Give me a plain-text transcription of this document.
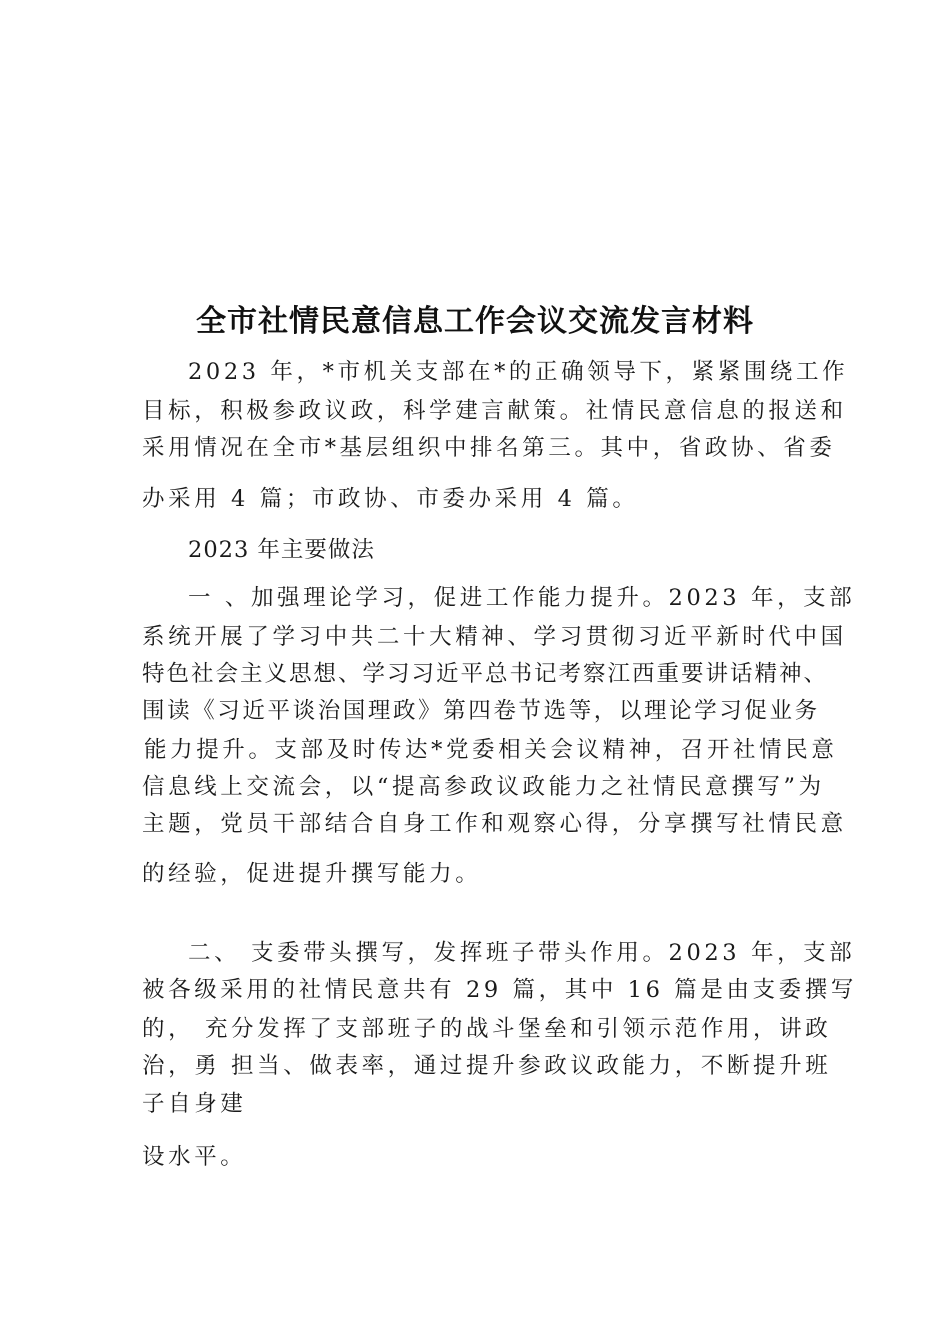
全市社情民意信息工作会议交流发言材料
2023 年，*市机关支部在*的正确领导下，紧紧围绕工作
目标，积极参政议政，科学建言献策。社情民意信息的报送和
采用情况在全市*基层组织中排名第三。其中，省政协、省委
办采用 4 篇；市政协、市委办采用 4 篇。
2023 年主要做法
一 、加强理论学习，促进工作能力提升。2023 年，支部
系统开展了学习中共二十大精神、学习贯彻习近平新时代中国
特色社会主义思想、学习习近平总书记考察江西重要讲话精神、
围读《习近平谈治国理政》第四卷节选等，以理论学习促业务
能力提升。支部及时传达*党委相关会议精神，召开社情民意
信息线上交流会，以“提高参政议政能力之社情民意撰写”为
主题，党员干部结合自身工作和观察心得，分享撰写社情民意
的经验，促进提升撰写能力。
二、 支委带头撰写，发挥班子带头作用。2023 年，支部
被各级采用的社情民意共有 29 篇，其中 16 篇是由支委撰写
的， 充分发挥了支部班子的战斗堡垒和引领示范作用，讲政
治，勇 担当、做表率，通过提升参政议政能力，不断提升班
子自身建
设水平。
